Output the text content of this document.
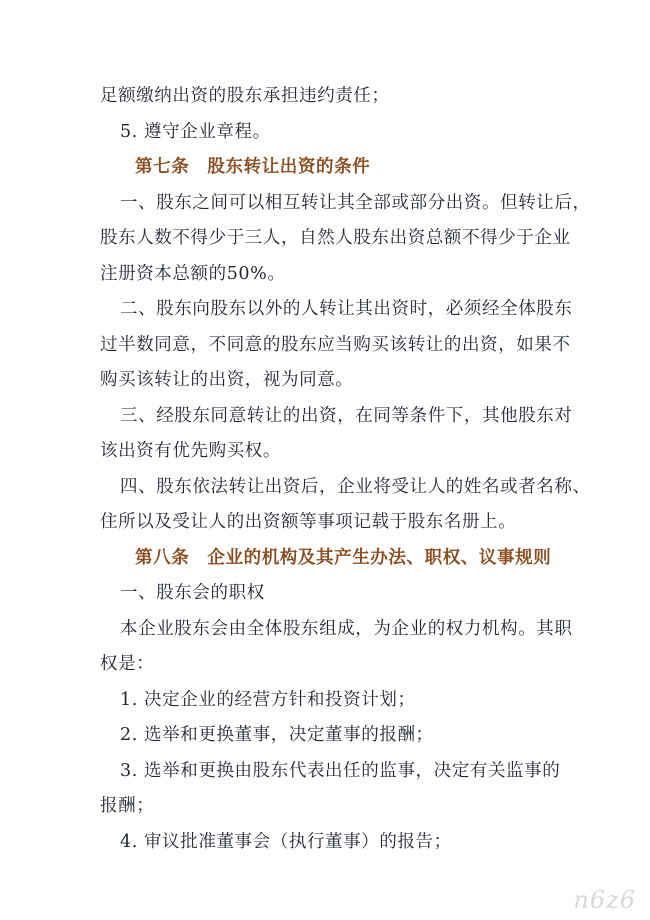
足额缴纳出资的股东承担违约责任；

5. 遵守企业章程。

第七条　股东转让出资的条件

一、股东之间可以相互转让其全部或部分出资。但转让后，

股东人数不得少于三人，自然人股东出资总额不得少于企业

注册资本总额的50%。

二、股东向股东以外的人转让其出资时，必须经全体股东

过半数同意，不同意的股东应当购买该转让的出资，如果不

购买该转让的出资，视为同意。

三、经股东同意转让的出资，在同等条件下，其他股东对

该出资有优先购买权。

四、股东依法转让出资后，企业将受让人的姓名或者名称、

住所以及受让人的出资额等事项记载于股东名册上。

第八条　企业的机构及其产生办法、职权、议事规则

一、股东会的职权

本企业股东会由全体股东组成，为企业的权力机构。其职

权是：

1. 决定企业的经营方针和投资计划；

2. 选举和更换董事，决定董事的报酬；

3. 选举和更换由股东代表出任的监事，决定有关监事的

报酬；

4. 审议批准董事会（执行董事）的报告；

n6z6
